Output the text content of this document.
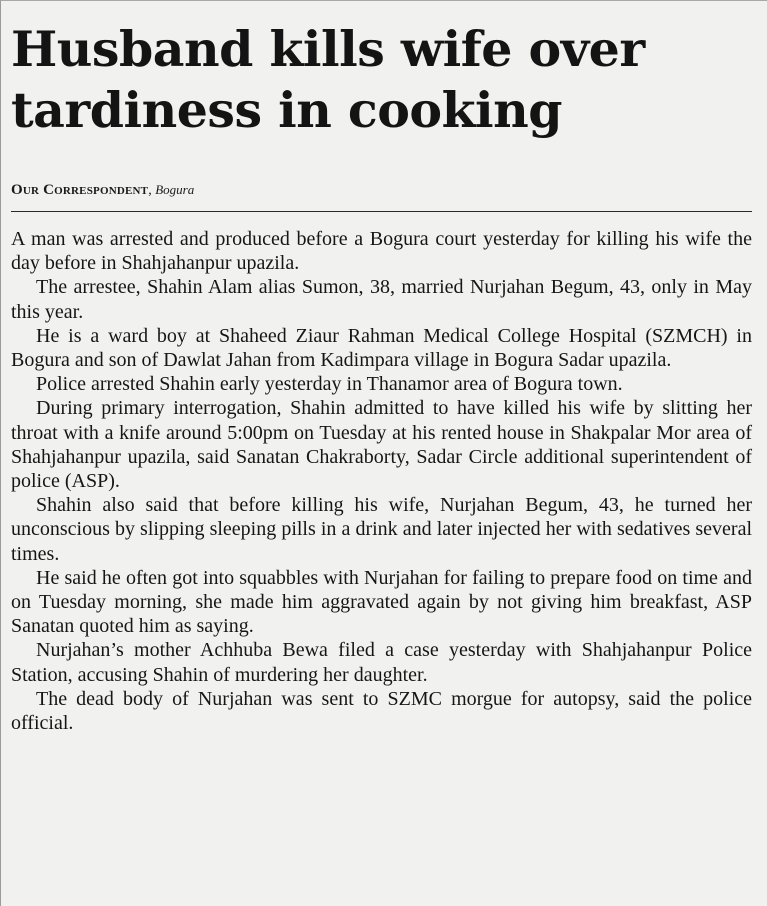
Husband kills wife over tardiness in cooking
Our Correspondent, Bogura

A man was arrested and produced before a Bogura court yesterday for killing his wife the day before in Shahjahanpur upazila.

The arrestee, Shahin Alam alias Sumon, 38, married Nurjahan Begum, 43, only in May this year.

He is a ward boy at Shaheed Ziaur Rahman Medical College Hospital (SZMCH) in Bogura and son of Dawlat Jahan from Kadimpara village in Bogura Sadar upazila.

Police arrested Shahin early yesterday in Thanamor area of Bogura town.

During primary interrogation, Shahin admitted to have killed his wife by slitting her throat with a knife around 5:00pm on Tuesday at his rented house in Shakpalar Mor area of Shahjahanpur upazila, said Sanatan Chakraborty, Sadar Circle additional superintendent of police (ASP).

Shahin also said that before killing his wife, Nurjahan Begum, 43, he turned her unconscious by slipping sleeping pills in a drink and later injected her with sedatives several times.

He said he often got into squabbles with Nurjahan for failing to prepare food on time and on Tuesday morning, she made him aggravated again by not giving him breakfast, ASP Sanatan quoted him as saying.

Nurjahan’s mother Achhuba Bewa filed a case yesterday with Shahjahanpur Police Station, accusing Shahin of murdering her daughter.

The dead body of Nurjahan was sent to SZMC morgue for autopsy, said the police official.
